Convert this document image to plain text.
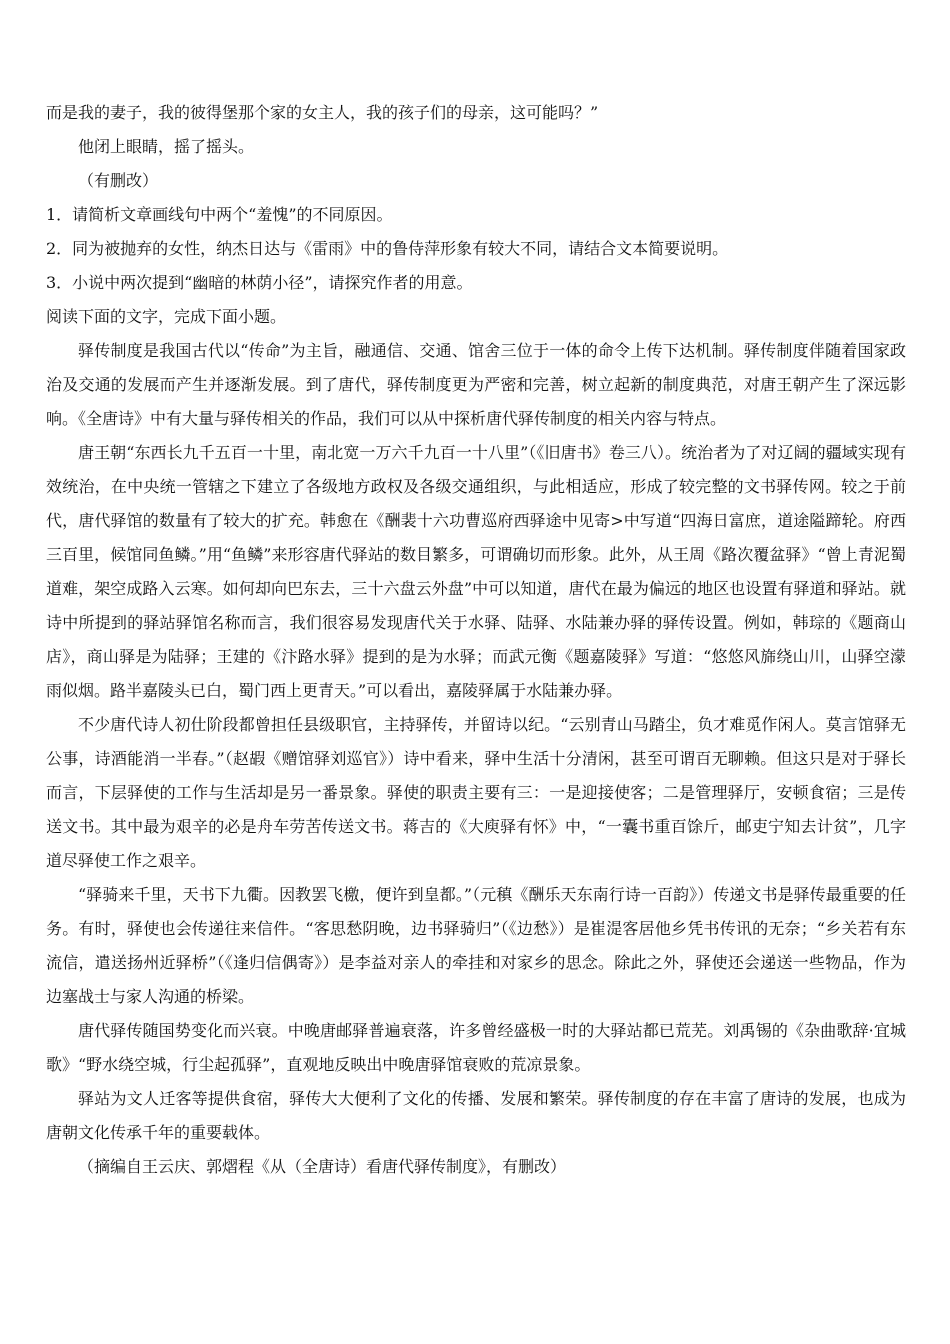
而是我的妻子，我的彼得堡那个家的女主人，我的孩子们的母亲，这可能吗？”

他闭上眼睛，摇了摇头。

（有删改）

1．请简析文章画线句中两个“羞愧”的不同原因。

2．同为被抛弃的女性，纳杰日达与《雷雨》中的鲁侍萍形象有较大不同，请结合文本简要说明。

3．小说中两次提到“幽暗的林荫小径”，请探究作者的用意。

阅读下面的文字，完成下面小题。

驿传制度是我国古代以“传命”为主旨，融通信、交通、馆舍三位于一体的命令上传下达机制。驿传制度伴随着国家政治及交通的发展而产生并逐渐发展。到了唐代，驿传制度更为严密和完善，树立起新的制度典范，对唐王朝产生了深远影响。《全唐诗》中有大量与驿传相关的作品，我们可以从中探析唐代驿传制度的相关内容与特点。

唐王朝“东西长九千五百一十里，南北宽一万六千九百一十八里”（《旧唐书》卷三八）。统治者为了对辽阔的疆域实现有效统治，在中央统一管辖之下建立了各级地方政权及各级交通组织，与此相适应，形成了较完整的文书驿传网。较之于前代，唐代驿馆的数量有了较大的扩充。韩愈在《酬裴十六功曹巡府西驿途中见寄>中写道“四海日富庶，道途隘蹄轮。府西三百里，候馆同鱼鳞。”用“鱼鳞”来形容唐代驿站的数目繁多，可谓确切而形象。此外，从王周《路次覆盆驿》“曾上青泥蜀道难，架空成路入云寒。如何却向巴东去，三十六盘云外盘”中可以知道，唐代在最为偏远的地区也设置有驿道和驿站。就诗中所提到的驿站驿馆名称而言，我们很容易发现唐代关于水驿、陆驿、水陆兼办驿的驿传设置。例如，韩琮的《题商山店》，商山驿是为陆驿；王建的《汴路水驿》提到的是为水驿；而武元衡《题嘉陵驿》写道：“悠悠风旆绕山川，山驿空濛雨似烟。路半嘉陵头已白，蜀门西上更青天。”可以看出，嘉陵驿属于水陆兼办驿。

不少唐代诗人初仕阶段都曾担任县级职官，主持驿传，并留诗以纪。“云别青山马踏尘，负才难觅作闲人。莫言馆驿无公事，诗酒能消一半春。”（赵嘏《赠馆驿刘巡官》）诗中看来，驿中生活十分清闲，甚至可谓百无聊赖。但这只是对于驿长而言，下层驿使的工作与生活却是另一番景象。驿使的职责主要有三：一是迎接使客；二是管理驿厅，安顿食宿；三是传送文书。其中最为艰辛的必是舟车劳苦传送文书。蒋吉的《大庾驿有怀》中，“一囊书重百馀斤，邮吏宁知去计贫”，几字道尽驿使工作之艰辛。

“驿骑来千里，天书下九衢。因教罢飞檄，便许到皇都。”（元稹《酬乐天东南行诗一百韵》）传递文书是驿传最重要的任务。有时，驿使也会传递往来信件。“客思愁阴晚，边书驿骑归”（《边愁》）是崔湜客居他乡凭书传讯的无奈；“乡关若有东流信，遣送扬州近驿桥”（《逢归信偶寄》）是李益对亲人的牵挂和对家乡的思念。除此之外，驿使还会递送一些物品，作为边塞战士与家人沟通的桥梁。

唐代驿传随国势变化而兴衰。中晚唐邮驿普遍衰落，许多曾经盛极一时的大驿站都已荒芜。刘禹锡的《杂曲歌辞·宜城歌》“野水绕空城，行尘起孤驿”，直观地反映出中晚唐驿馆衰败的荒凉景象。

驿站为文人迁客等提供食宿，驿传大大便利了文化的传播、发展和繁荣。驿传制度的存在丰富了唐诗的发展，也成为唐朝文化传承千年的重要载体。

（摘编自王云庆、郭熠程《从（全唐诗）看唐代驿传制度》，有删改）
